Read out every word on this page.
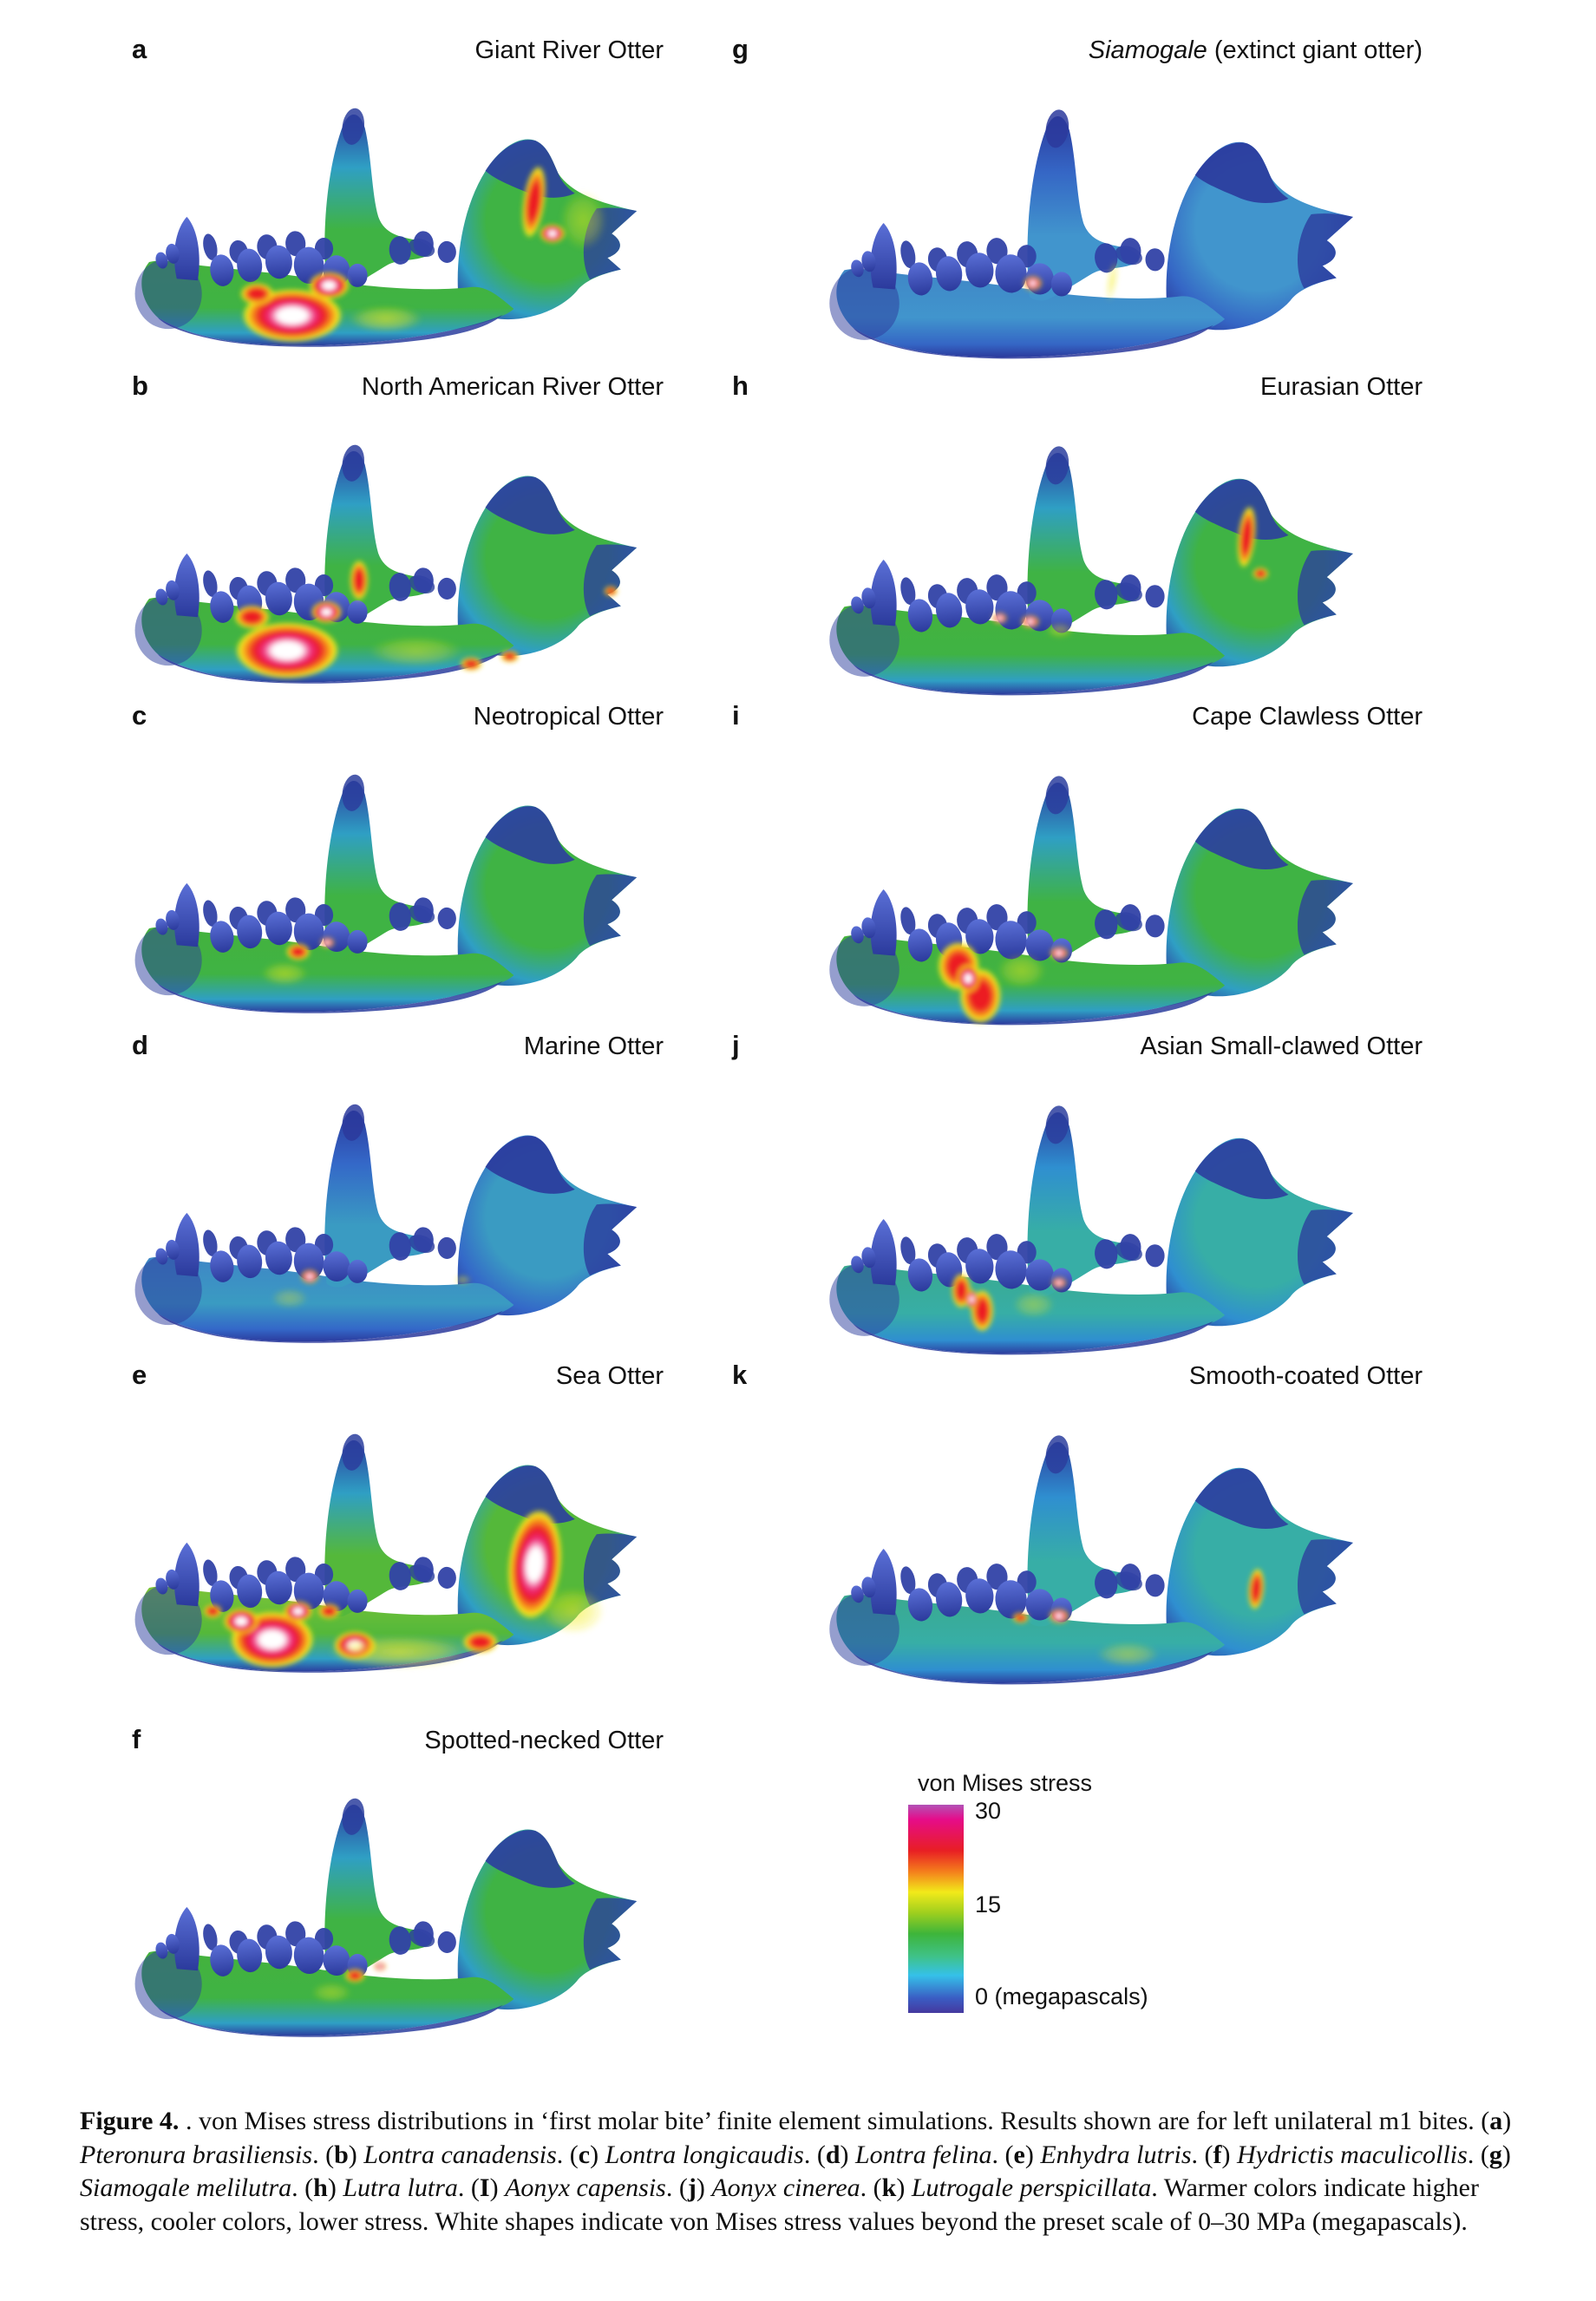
a	Giant River Otter	g	Siamogale (extinct giant otter)
b	North American River Otter	h	Eurasian Otter
c	Neotropical Otter	i	Cape Clawless Otter
d	Marine Otter	j	Asian Small-clawed Otter
e	Sea Otter	k	Smooth-coated Otter
f	Spotted-necked Otter
von Mises stress
30
15
0 (megapascals)

Figure 4. . von Mises stress distributions in ‘first molar bite’ finite element simulations. Results shown are for left unilateral m1 bites. (a) Pteronura brasiliensis. (b) Lontra canadensis. (c) Lontra longicaudis. (d) Lontra felina. (e) Enhydra lutris. (f) Hydrictis maculicollis. (g) Siamogale melilutra. (h) Lutra lutra. (I) Aonyx capensis. (j) Aonyx cinerea. (k) Lutrogale perspicillata. Warmer colors indicate higher stress, cooler colors, lower stress. White shapes indicate von Mises stress values beyond the preset scale of 0–30 MPa (megapascals).
